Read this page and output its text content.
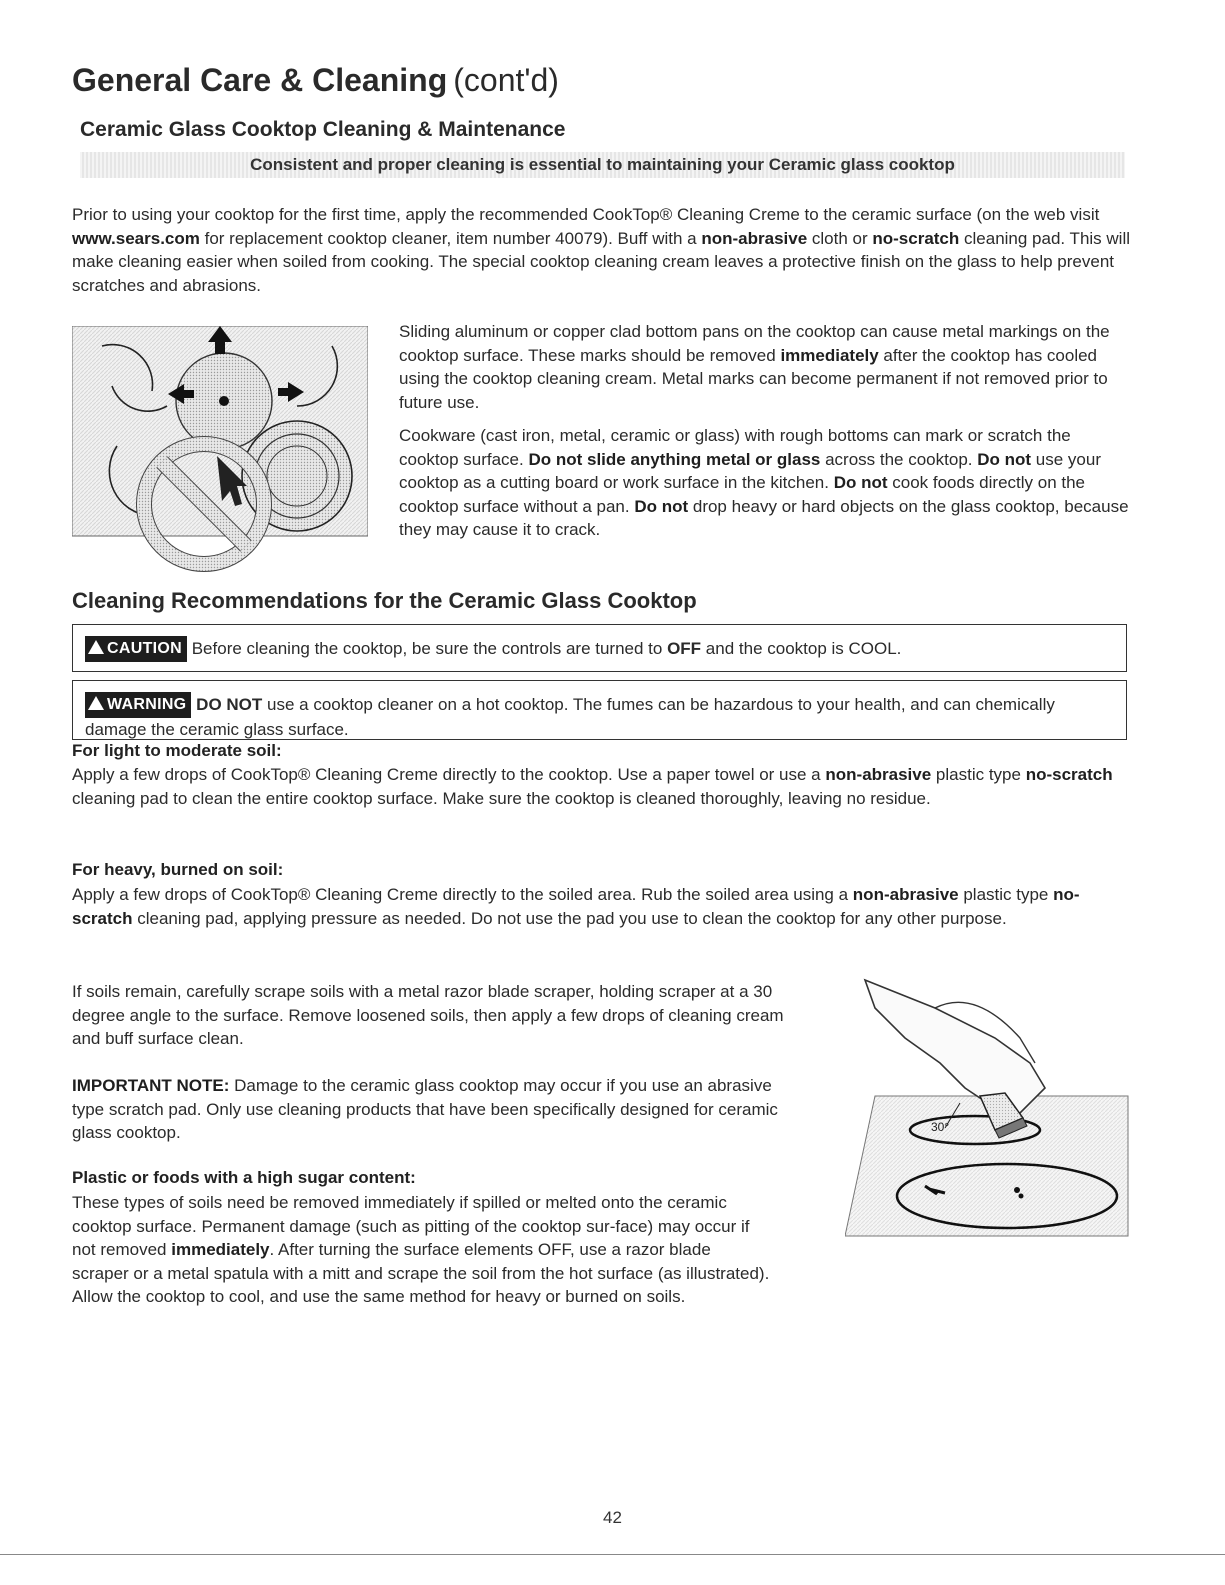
General Care & Cleaning (cont'd)
Ceramic Glass Cooktop Cleaning & Maintenance
Consistent and proper cleaning is essential to maintaining your Ceramic glass cooktop
Prior to using your cooktop for the first time, apply the recommended CookTop® Cleaning Creme to the ceramic surface (on the web visit www.sears.com for replacement cooktop cleaner, item number 40079). Buff with a non-abrasive cloth or no-scratch cleaning pad. This will make cleaning easier when soiled from cooking. The special cooktop cleaning cream leaves a protective finish on the glass to help prevent scratches and abrasions.
Sliding aluminum or copper clad bottom pans on the cooktop can cause metal markings on the cooktop surface. These marks should be removed immediately after the cooktop has cooled using the cooktop cleaning cream. Metal marks can become permanent if not removed prior to future use.
Cookware (cast iron, metal, ceramic or glass) with rough bottoms can mark or scratch the cooktop surface. Do not slide anything metal or glass across the cooktop. Do not use your cooktop as a cutting board or work surface in the kitchen. Do not cook foods directly on the cooktop surface without a pan. Do not drop heavy or hard objects on the glass cooktop, because they may cause it to crack.
Cleaning Recommendations for the Ceramic Glass Cooktop
CAUTION Before cleaning the cooktop, be sure the controls are turned to OFF and the cooktop is COOL.
WARNING DO NOT use a cooktop cleaner on a hot cooktop. The fumes can be hazardous to your health, and can chemically damage the ceramic glass surface.
For light to moderate soil:
Apply a few drops of CookTop® Cleaning Creme directly to the cooktop. Use a paper towel or use a non-abrasive plastic type no-scratch cleaning pad to clean the entire cooktop surface. Make sure the cooktop is cleaned thoroughly, leaving no residue.
For heavy, burned on soil:
Apply a few drops of CookTop® Cleaning Creme directly to the soiled area. Rub the soiled area using a non-abrasive plastic type no-scratch cleaning pad, applying pressure as needed. Do not use the pad you use to clean the cooktop for any other purpose.
If soils remain, carefully scrape soils with a metal razor blade scraper, holding scraper at a 30 degree angle to the surface. Remove loosened soils, then apply a few drops of cleaning cream and buff surface clean.
IMPORTANT NOTE: Damage to the ceramic glass cooktop may occur if you use an abrasive type scratch pad. Only use cleaning products that have been specifically designed for ceramic glass cooktop.
Plastic or foods with a high sugar content:
These types of soils need be removed immediately if spilled or melted onto the ceramic cooktop surface. Permanent damage (such as pitting of the cooktop sur-face) may occur if not removed immediately. After turning the surface elements OFF, use a razor blade scraper or a metal spatula with a mitt and scrape the soil from the hot surface (as illustrated). Allow the cooktop to cool, and use the same method for heavy or burned on soils.
30°
42
